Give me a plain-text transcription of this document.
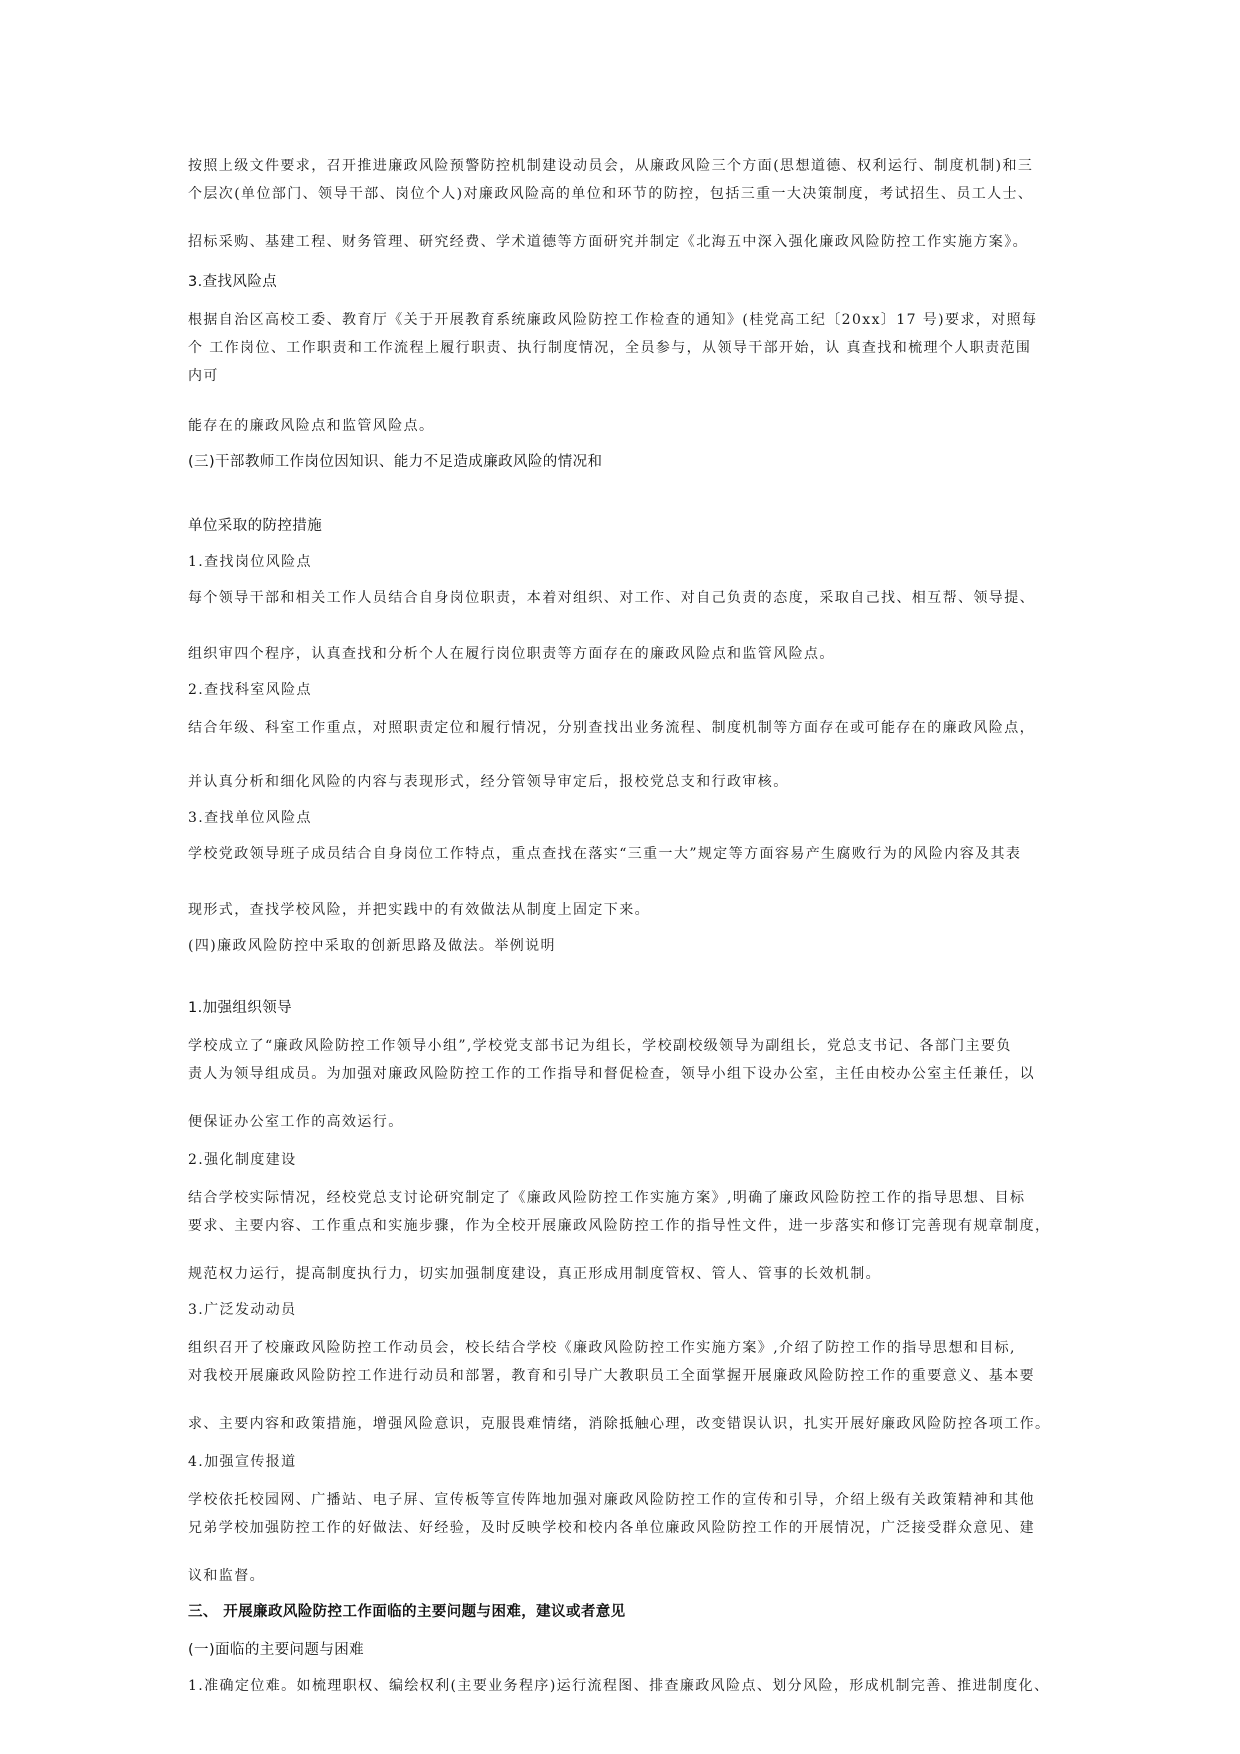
按照上级文件要求，召开推进廉政风险预警防控机制建设动员会，从廉政风险三个方面(思想道德、权利运行、制度机制)和三

个层次(单位部门、领导干部、岗位个人)对廉政风险高的单位和环节的防控，包括三重一大决策制度，考试招生、员工人士、

招标采购、基建工程、财务管理、研究经费、学术道德等方面研究并制定《北海五中深入强化廉政风险防控工作实施方案》。

3.查找风险点

根据自治区高校工委、教育厅《关于开展教育系统廉政风险防控工作检查的通知》(桂党高工纪〔20xx〕17 号)要求，对照每

个 工作岗位、工作职责和工作流程上履行职责、执行制度情况，全员参与，从领导干部开始，认 真查找和梳理个人职责范围

内可

能存在的廉政风险点和监管风险点。

(三)干部教师工作岗位因知识、能力不足造成廉政风险的情况和

单位采取的防控措施

1.查找岗位风险点

每个领导干部和相关工作人员结合自身岗位职责，本着对组织、对工作、对自己负责的态度，采取自己找、相互帮、领导提、

组织审四个程序，认真查找和分析个人在履行岗位职责等方面存在的廉政风险点和监管风险点。

2.查找科室风险点

结合年级、科室工作重点，对照职责定位和履行情况，分别查找出业务流程、制度机制等方面存在或可能存在的廉政风险点，

并认真分析和细化风险的内容与表现形式，经分管领导审定后，报校党总支和行政审核。

3.查找单位风险点

学校党政领导班子成员结合自身岗位工作特点，重点查找在落实“三重一大”规定等方面容易产生腐败行为的风险内容及其表

现形式，查找学校风险，并把实践中的有效做法从制度上固定下来。

(四)廉政风险防控中采取的创新思路及做法。举例说明

1.加强组织领导

学校成立了“廉政风险防控工作领导小组”,学校党支部书记为组长，学校副校级领导为副组长，党总支书记、各部门主要负

责人为领导组成员。为加强对廉政风险防控工作的工作指导和督促检查，领导小组下设办公室，主任由校办公室主任兼任，以

便保证办公室工作的高效运行。

2.强化制度建设

结合学校实际情况，经校党总支讨论研究制定了《廉政风险防控工作实施方案》,明确了廉政风险防控工作的指导思想、目标

要求、主要内容、工作重点和实施步骤，作为全校开展廉政风险防控工作的指导性文件，进一步落实和修订完善现有规章制度，

规范权力运行，提高制度执行力，切实加强制度建设，真正形成用制度管权、管人、管事的长效机制。

3.广泛发动动员

组织召开了校廉政风险防控工作动员会，校长结合学校《廉政风险防控工作实施方案》,介绍了防控工作的指导思想和目标,

对我校开展廉政风险防控工作进行动员和部署，教育和引导广大教职员工全面掌握开展廉政风险防控工作的重要意义、基本要

求、主要内容和政策措施，增强风险意识，克服畏难情绪，消除抵触心理，改变错误认识，扎实开展好廉政风险防控各项工作。

4.加强宣传报道

学校依托校园网、广播站、电子屏、宣传板等宣传阵地加强对廉政风险防控工作的宣传和引导，介绍上级有关政策精神和其他

兄弟学校加强防控工作的好做法、好经验，及时反映学校和校内各单位廉政风险防控工作的开展情况，广泛接受群众意见、建

议和监督。

三、 开展廉政风险防控工作面临的主要问题与困难，建议或者意见

(一)面临的主要问题与困难

1.准确定位难。如梳理职权、编绘权利(主要业务程序)运行流程图、排查廉政风险点、划分风险，形成机制完善、推进制度化、
